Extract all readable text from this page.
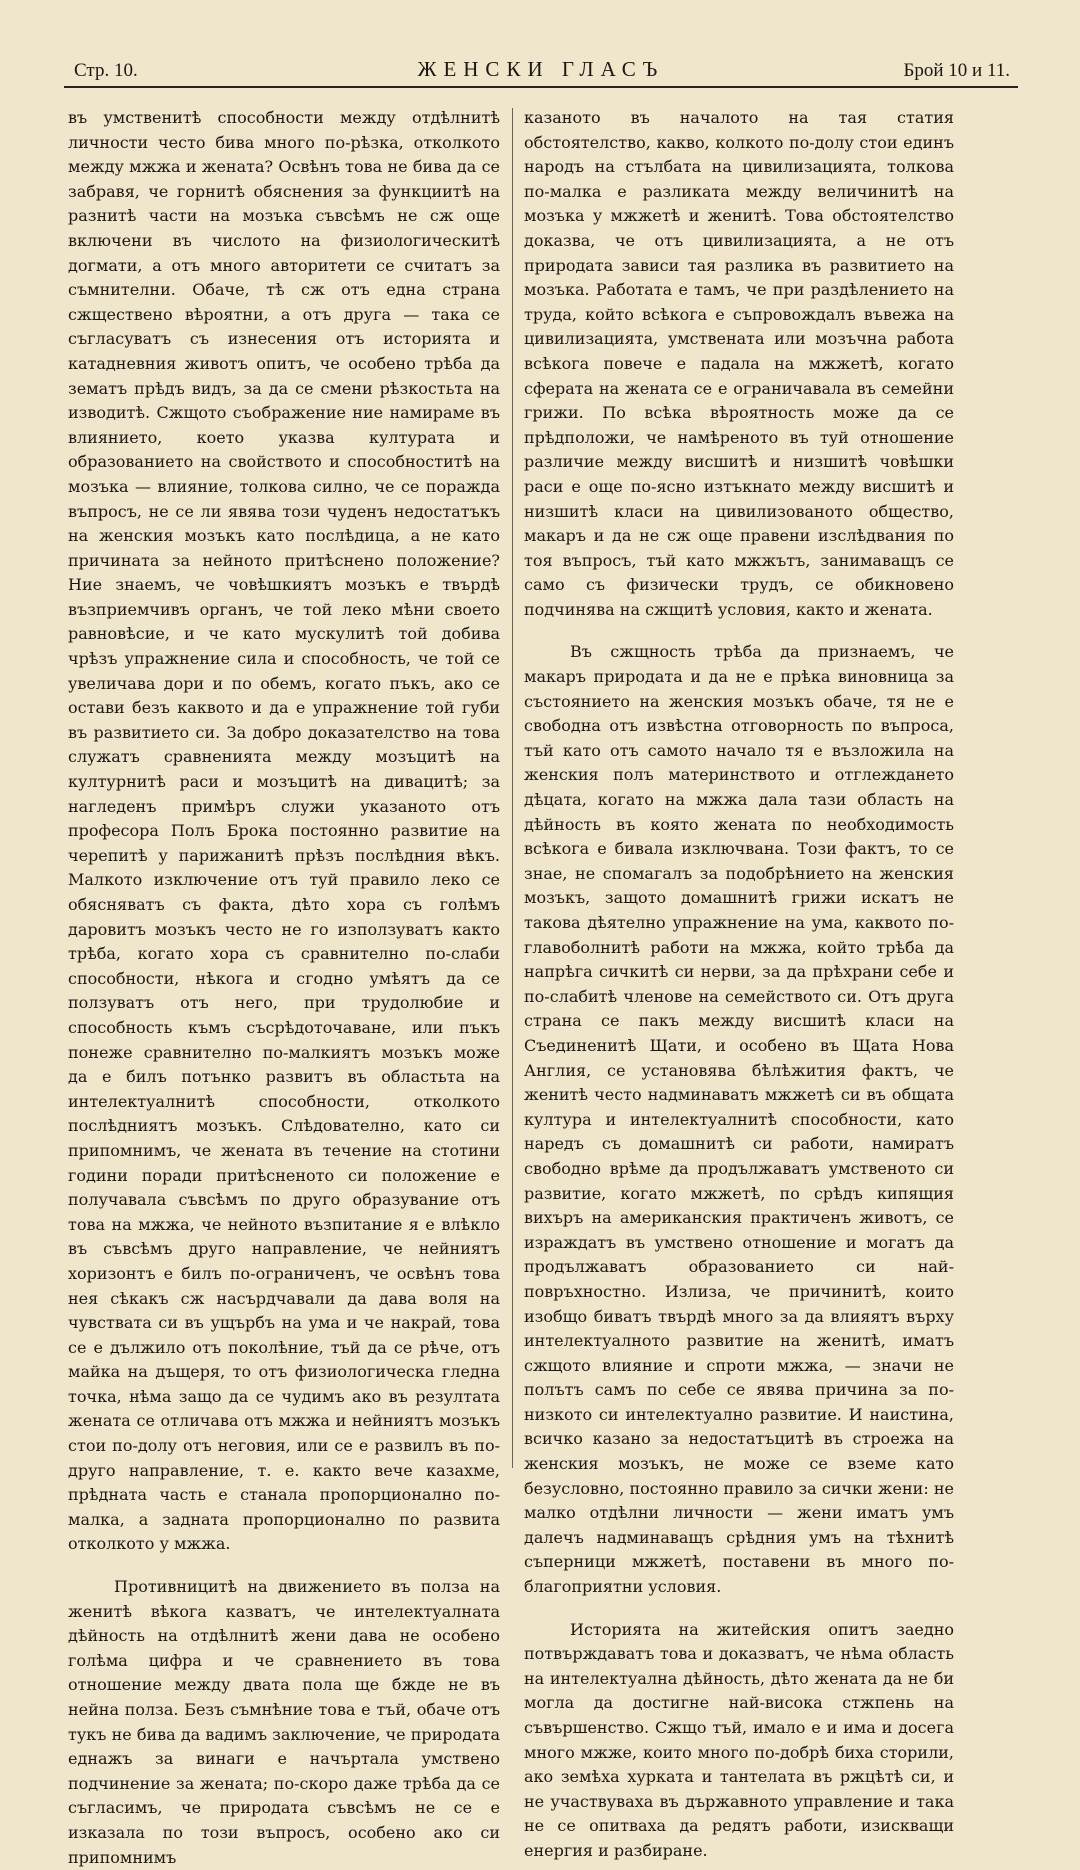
Стр. 10.	ЖЕНСКИ ГЛАСЪ	Брой 10 и 11.

въ умственитѣ способности между отдѣлнитѣ личности често бива много по-рѣзка, отколкото между мжжа и жената? Освѣнъ това не бива да се забравя, че горнитѣ обяснения за функциитѣ на разнитѣ части на мозъка съвсѣмъ не сж още включени въ числото на физиологическитѣ догмати, а отъ много авторитети се считатъ за съмнителни. Обаче, тѣ сж отъ една страна сжществено вѣроятни, а отъ друга — така се съгласуватъ съ изнесения отъ историята и катадневния животъ опитъ, че особено трѣба да зематъ прѣдъ видъ, за да се смени рѣзкостьта на изводитѣ. Сжщото съображение ние намираме въ влиянието, което указва културата и образованието на свойството и способноститѣ на мозъка — влияние, толкова силно, че се поражда въпросъ, не се ли явява този чуденъ недостатъкъ на женския мозъкъ като послѣдица, а не като причината за нейното притѣснено положение? Ние знаемъ, че човѣшкиятъ мозъкъ е твърдѣ възприемчивъ органъ, че той леко мѣни своето равновѣсие, и че като мускулитѣ той добива чрѣзъ упражнение сила и способность, че той се увеличава дори и по обемъ, когато пъкъ, ако се остави безъ каквото и да е упражнение той губи въ развитието си. За добро доказателство на това служатъ сравненията между мозъцитѣ на културнитѣ раси и мозъцитѣ на дивацитѣ; за нагледенъ примѣръ служи указаното отъ професора Полъ Брока постоянно развитие на черепитѣ у парижанитѣ прѣзъ послѣдния вѣкъ. Малкото изключение отъ туй правило леко се обясняватъ съ факта, дѣто хора съ голѣмъ даровитъ мозъкъ често не го използуватъ както трѣба, когато хора съ сравнително по-слаби способности, нѣкога и сгодно умѣятъ да се ползуватъ отъ него, при трудолюбие и способность къмъ съсрѣдоточаване, или пъкъ понеже сравнително по-малкиятъ мозъкъ може да е билъ потънко развитъ въ областьта на интелектуалнитѣ способности, отколкото послѣдниятъ мозъкъ. Слѣдователно, като си припомнимъ, че жената въ течение на стотини години поради притѣсненото си положение е получавала съвсѣмъ по друго образувание отъ това на мжжа, че нейното възпитание я е влѣкло въ съвсѣмъ друго направление, че нейниятъ хоризонтъ е билъ по-ограниченъ, че освѣнъ това нея сѣкакъ сж насърдчавали да дава воля на чувствата си въ ущърбъ на ума и че накрай, това се е дължило отъ поколѣние, тъй да се рѣче, отъ майка на дъщеря, то отъ физиологическа гледна точка, нѣма защо да се чудимъ ако въ резултата жената се отличава отъ мжжа и нейниятъ мозъкъ стои по-долу отъ неговия, или се е развилъ въ по-друго направление, т. е. както вече казахме, прѣдната часть е станала пропорционално по-малка, а задната пропорционално по развита отколкото у мжжа.

Противницитѣ на движението въ полза на женитѣ вѣкога казватъ, че интелектуалната дѣйность на отдѣлнитѣ жени дава не особено голѣма цифра и че сравнението въ това отношение между двата пола ще бжде не въ нейна полза. Безъ съмнѣние това е тъй, обаче отъ тукъ не бива да вадимъ заключение, че природата еднажъ за винаги е начъртала умствено подчинение за жената; по-скоро даже трѣба да се съгласимъ, че природата съвсѣмъ не се е изказала по този въпросъ, особено ако си припомнимъ

казаното въ началото на тая статия обстоятелство, какво, колкото по-долу стои единъ народъ на стълбата на цивилизацията, толкова по-малка е разликата между величинитѣ на мозъка у мжжетѣ и женитѣ. Това обстоятелство доказва, че отъ цивилизацията, а не отъ природата зависи тая разлика въ развитието на мозъка. Работата е тамъ, че при раздѣлението на труда, който всѣкога е съпровождалъ въвежа на цивилизацията, умствената или мозъчна работа всѣкога повече е падала на мжжетѣ, когато сферата на жената се е ограничавала въ семейни грижи. По всѣка вѣроятность може да се прѣдположи, че намѣреното въ туй отношение различие между висшитѣ и низшитѣ човѣшки раси е още по-ясно изтъкнато между висшитѣ и низшитѣ класи на цивилизованото общество, макаръ и да не сж още правени изслѣдвания по тоя въпросъ, тъй като мжжътъ, занимаващъ се само съ физически трудъ, се обикновено подчинява на сжщитѣ условия, както и жената.

Въ сжщность трѣба да признаемъ, че макаръ природата и да не е прѣка виновница за състоянието на женския мозъкъ обаче, тя не е свободна отъ извѣстна отговорность по въпроса, тъй като отъ самото начало тя е възложила на женския полъ материнството и отглеждането дѣцата, когато на мжжа дала тази область на дѣйность въ която жената по необходимость всѣкога е бивала изключвана. Този фактъ, то се знае, не спомагалъ за подобрѣнието на женския мозъкъ, защото домашнитѣ грижи искатъ не такова дѣятелно упражнение на ума, каквото по-главоболнитѣ работи на мжжа, който трѣба да напрѣга сичкитѣ си нерви, за да прѣхрани себе и по-слабитѣ членове на семейството си. Отъ друга страна се пакъ между висшитѣ класи на Съединенитѣ Щати, и особено въ Щата Нова Англия, се установява бѣлѣжития фактъ, че женитѣ често надминаватъ мжжетѣ си въ общата култура и интелектуалнитѣ способности, като наредъ съ домашнитѣ си работи, намиратъ свободно врѣме да продължаватъ умственото си развитие, когато мжжетѣ, по срѣдъ кипящия вихъръ на американския практиченъ животъ, се израждатъ въ умствено отношение и могатъ да продължаватъ образованието си най-повръхностно. Излиза, че причинитѣ, които изобщо биватъ твърдѣ много за да влияятъ върху интелектуалното развитие на женитѣ, иматъ сжщото влияние и спроти мжжа, — значи не полътъ самъ по себе се явява причина за по-низкото си интелектуално развитие. И наистина, всичко казано за недостатъцитѣ въ строежа на женския мозъкъ, не може се вземе като безусловно, постоянно правило за сички жени: не малко отдѣлни личности — жени иматъ умъ далечъ надминаващъ срѣдния умъ на тѣхнитѣ съперници мжжетѣ, поставени въ много по-благоприятни условия.

Историята на житейския опитъ заедно потвърждаватъ това и доказватъ, че нѣма область на интелектуална дѣйность, дѣто жената да не би могла да достигне най-висока стжпень на съвършенство. Сжщо тъй, имало е и има и досега много мжже, които много по-добрѣ биха сторили, ако земѣха хурката и тантелата въ ржцѣтѣ си, и не участвуваха въ държавното управление и така не се опитваха да редятъ работи, изискващи енергия и разбиране.
